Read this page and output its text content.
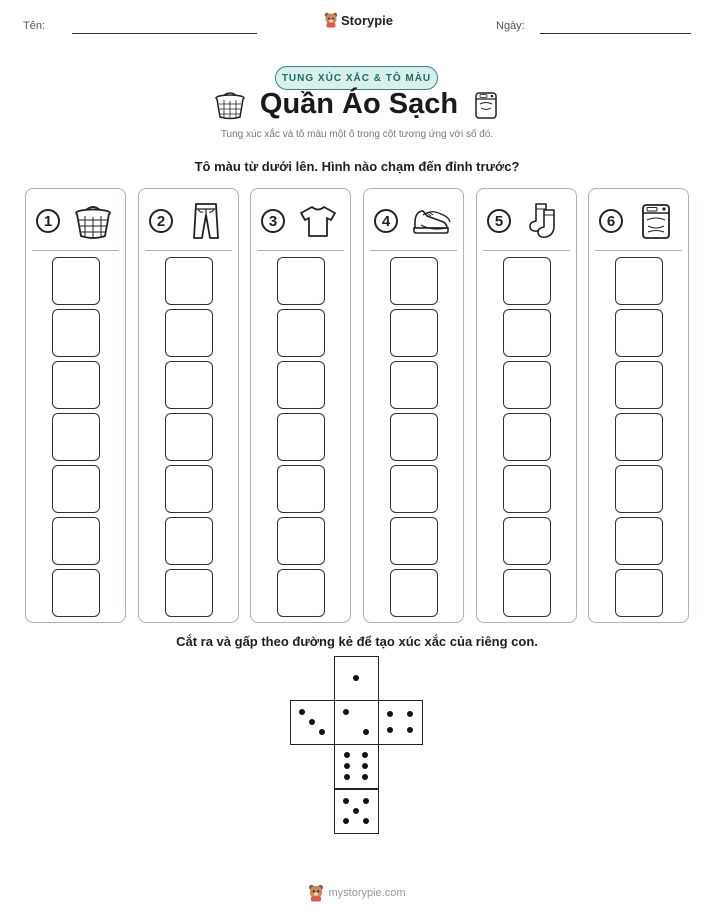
Tên:	Storypie	Ngày:
TUNG XÚC XẮC & TÔ MÀU
Quần Áo Sạch
Tung xúc xắc và tô màu một ô trong cột tương ứng với số đó.
Tô màu từ dưới lên. Hình nào chạm đến đỉnh trước?
1	2	3	4	5	6
Cắt ra và gấp theo đường kẻ để tạo xúc xắc của riêng con.
mystorypie.com
